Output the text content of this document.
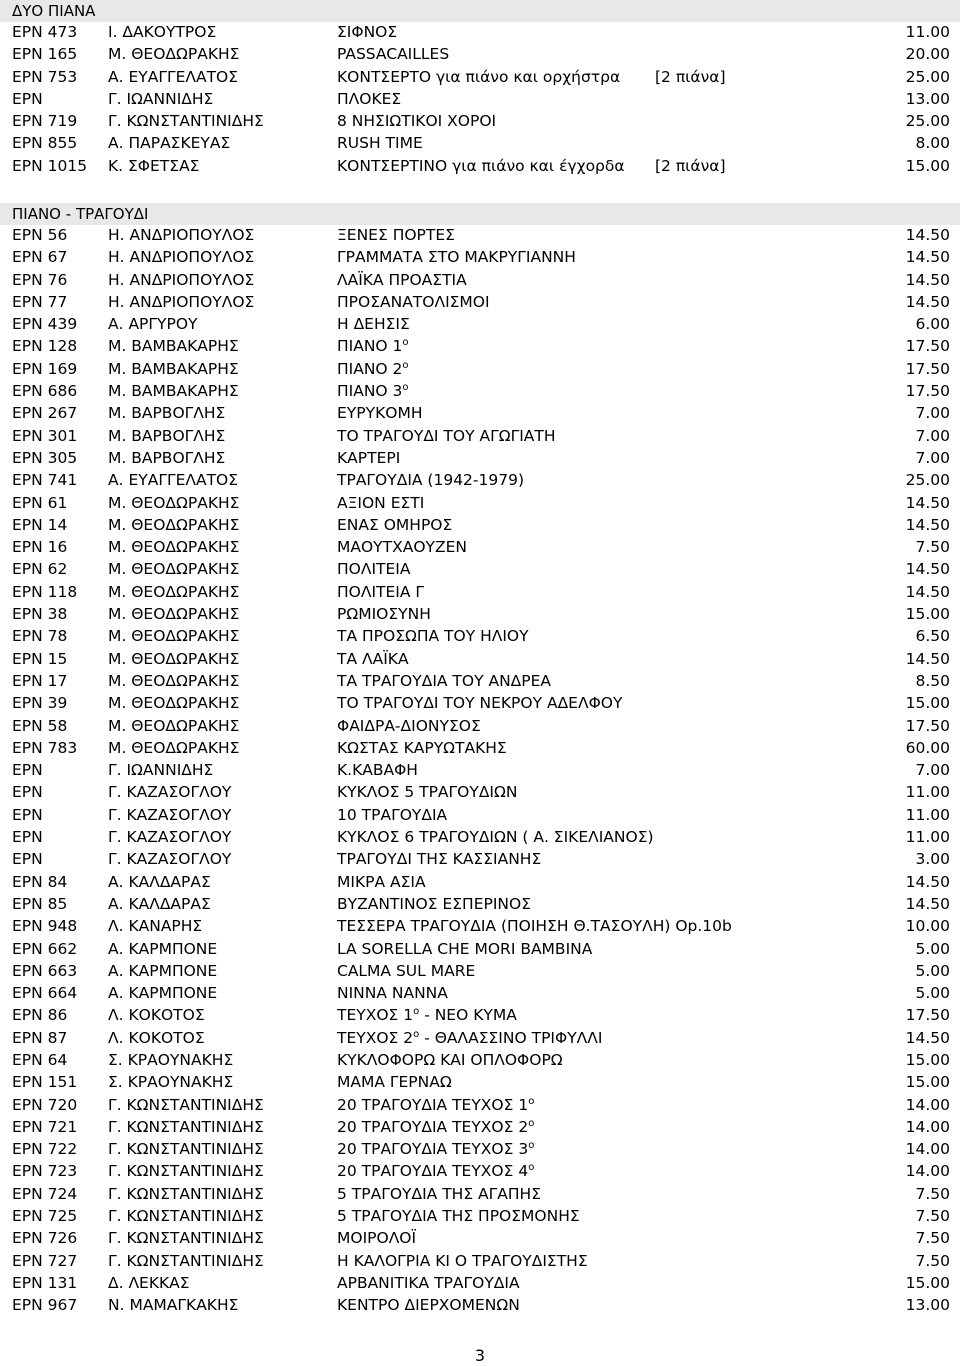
ΔΥΟ ΠΙΑΝΑ
ΕΡΝ 473 Ι. ΔΑΚΟΥΤΡΟΣ	ΣΙΦΝΟΣ	11.00
ΕΡΝ 165 Μ. ΘΕΟΔΩΡΑΚΗΣ	PASSACAILLES	20.00
ΕΡΝ 753 Α. ΕΥΑΓΓΕΛΑΤΟΣ	ΚΟΝΤΣΕΡΤΟ για πιάνο και ορχήστρα [2 πιάνα]	25.00
ΕΡΝ	Γ. ΙΩΑΝΝΙΔΗΣ	ΠΛΟΚΕΣ	13.00
ΕΡΝ 719 Γ. ΚΩΝΣΤΑΝΤΙΝΙΔΗΣ	8 ΝΗΣΙΩΤΙΚΟΙ ΧΟΡΟΙ	25.00
ΕΡΝ 855 Α. ΠΑΡΑΣΚΕΥΑΣ	RUSH TIME	8.00
ΕΡΝ 1015 Κ. ΣΦΕΤΣΑΣ	ΚΟΝΤΣΕΡΤΙΝΟ για πιάνο και έγχορδα [2 πιάνα]	15.00
ΠΙΑΝΟ - ΤΡΑΓΟΥΔΙ
ΕΡΝ 56	Η. ΑΝΔΡΙΟΠΟΥΛΟΣ	ΞΕΝΕΣ ΠΟΡΤΕΣ	14.50
ΕΡΝ 67	Η. ΑΝΔΡΙΟΠΟΥΛΟΣ	ΓΡΑΜΜΑΤΑ ΣΤΟ ΜΑΚΡΥΓΙΑΝΝΗ	14.50
ΕΡΝ 76	Η. ΑΝΔΡΙΟΠΟΥΛΟΣ	ΛΑΪΚΑ ΠΡΟΑΣΤΙΑ	14.50
ΕΡΝ 77	Η. ΑΝΔΡΙΟΠΟΥΛΟΣ	ΠΡΟΣΑΝΑΤΟΛΙΣΜΟΙ	14.50
ΕΡΝ 439 Α. ΑΡΓΥΡΟΥ	Η ΔΕΗΣΙΣ	6.00
ΕΡΝ 128 Μ. ΒΑΜΒΑΚΑΡΗΣ	ΠΙΑΝΟ $1^o$	17.50
ΕΡΝ 169 Μ. ΒΑΜΒΑΚΑΡΗΣ	ΠΙΑΝΟ $2^o$	17.50
ΕΡΝ 686 Μ. ΒΑΜΒΑΚΑΡΗΣ	ΠΙΑΝΟ $3^o$	17.50
ΕΡΝ 267 Μ. ΒΑΡΒΟΓΛΗΣ	ΕΥΡΥΚΟΜΗ	7.00
ΕΡΝ 301 Μ. ΒΑΡΒΟΓΛΗΣ	ΤΟ ΤΡΑΓΟΥΔΙ ΤΟΥ ΑΓΩΓΙΑΤΗ	7.00
ΕΡΝ 305 Μ. ΒΑΡΒΟΓΛΗΣ	ΚΑΡΤΕΡΙ	7.00
ΕΡΝ 741 Α. ΕΥΑΓΓΕΛΑΤΟΣ	ΤΡΑΓΟΥΔΙΑ (1942-1979)	25.00
ΕΡΝ 61	Μ. ΘΕΟΔΩΡΑΚΗΣ	ΑΞΙΟΝ ΕΣΤΙ	14.50
ΕΡΝ 14	Μ. ΘΕΟΔΩΡΑΚΗΣ	ΕΝΑΣ ΟΜΗΡΟΣ	14.50
ΕΡΝ 16	Μ. ΘΕΟΔΩΡΑΚΗΣ	ΜΑΟΥΤΧΑΟΥΖΕΝ	7.50
ΕΡΝ 62	Μ. ΘΕΟΔΩΡΑΚΗΣ	ΠΟΛΙΤΕΙΑ	14.50
ΕΡΝ 118 Μ. ΘΕΟΔΩΡΑΚΗΣ	ΠΟΛΙΤΕΙΑ Γ	14.50
ΕΡΝ 38	Μ. ΘΕΟΔΩΡΑΚΗΣ	ΡΩΜΙΟΣΥΝΗ	15.00
ΕΡΝ 78	Μ. ΘΕΟΔΩΡΑΚΗΣ	ΤΑ ΠΡΟΣΩΠΑ ΤΟΥ ΗΛΙΟΥ	6.50
ΕΡΝ 15	Μ. ΘΕΟΔΩΡΑΚΗΣ	ΤΑ ΛΑΪΚΑ	14.50
ΕΡΝ 17	Μ. ΘΕΟΔΩΡΑΚΗΣ	ΤΑ ΤΡΑΓΟΥΔΙΑ ΤΟΥ ΑΝΔΡΕΑ	8.50
ΕΡΝ 39	Μ. ΘΕΟΔΩΡΑΚΗΣ	ΤΟ ΤΡΑΓΟΥΔΙ ΤΟΥ ΝΕΚΡΟΥ ΑΔΕΛΦΟΥ	15.00
ΕΡΝ 58	Μ. ΘΕΟΔΩΡΑΚΗΣ	ΦΑΙΔΡΑ-ΔΙΟΝΥΣΟΣ	17.50
ΕΡΝ 783 Μ. ΘΕΟΔΩΡΑΚΗΣ	ΚΩΣΤΑΣ ΚΑΡΥΩΤΑΚΗΣ	60.00
ΕΡΝ	Γ. ΙΩΑΝΝΙΔΗΣ	Κ.ΚΑΒΑΦΗ	7.00
ΕΡΝ	Γ. ΚΑΖΑΣΟΓΛΟΥ	ΚΥΚΛΟΣ 5 ΤΡΑΓΟΥΔΙΩΝ	11.00
ΕΡΝ	Γ. ΚΑΖΑΣΟΓΛΟΥ	10 ΤΡΑΓΟΥΔΙΑ	11.00
ΕΡΝ	Γ. ΚΑΖΑΣΟΓΛΟΥ	ΚΥΚΛΟΣ 6 ΤΡΑΓΟΥΔΙΩΝ ( Α. ΣΙΚΕΛΙΑΝΟΣ)	11.00
ΕΡΝ	Γ. ΚΑΖΑΣΟΓΛΟΥ	ΤΡΑΓΟΥΔΙ ΤΗΣ ΚΑΣΣΙΑΝΗΣ	3.00
ΕΡΝ 84	Α. ΚΑΛΔΑΡΑΣ	ΜΙΚΡΑ ΑΣΙΑ	14.50
ΕΡΝ 85	Α. ΚΑΛΔΑΡΑΣ	ΒΥΖΑΝΤΙΝΟΣ ΕΣΠΕΡΙΝΟΣ	14.50
ΕΡΝ 948 Λ. ΚΑΝΑΡΗΣ	ΤΕΣΣΕΡΑ ΤΡΑΓΟΥΔΙΑ (ΠΟΙΗΣΗ Θ.ΤΑΣΟΥΛΗ) Op.10b	10.00
ΕΡΝ 662 Α. ΚΑΡΜΠΟΝΕ	LA SORELLA CHE MORI BAMBINA	5.00
ΕΡΝ 663 Α. ΚΑΡΜΠΟΝΕ	CALMA SUL MARE	5.00
ΕΡΝ 664 Α. ΚΑΡΜΠΟΝΕ	ΝΙΝΝΑ ΝΑΝΝΑ	5.00
ΕΡΝ 86	Λ. ΚΟΚΟΤΟΣ	ΤΕΥΧΟΣ $1^o$ - ΝΕΟ ΚΥΜΑ	17.50
ΕΡΝ 87	Λ. ΚΟΚΟΤΟΣ	ΤΕΥΧΟΣ $2^o$ - ΘΑΛΑΣΣΙΝΟ ΤΡΙΦΥΛΛΙ	14.50
ΕΡΝ 64	Σ. ΚΡΑΟΥΝΑΚΗΣ	ΚΥΚΛΟΦΟΡΩ ΚΑΙ ΟΠΛΟΦΟΡΩ	15.00
ΕΡΝ 151 Σ. ΚΡΑΟΥΝΑΚΗΣ	ΜΑΜΑ ΓΕΡΝΑΩ	15.00
ΕΡΝ 720 Γ. ΚΩΝΣΤΑΝΤΙΝΙΔΗΣ	20 ΤΡΑΓΟΥΔΙΑ ΤΕΥΧΟΣ $1^o$	14.00
ΕΡΝ 721 Γ. ΚΩΝΣΤΑΝΤΙΝΙΔΗΣ	20 ΤΡΑΓΟΥΔΙΑ ΤΕΥΧΟΣ $2^o$	14.00
ΕΡΝ 722 Γ. ΚΩΝΣΤΑΝΤΙΝΙΔΗΣ	20 ΤΡΑΓΟΥΔΙΑ ΤΕΥΧΟΣ $3^o$	14.00
ΕΡΝ 723 Γ. ΚΩΝΣΤΑΝΤΙΝΙΔΗΣ	20 ΤΡΑΓΟΥΔΙΑ ΤΕΥΧΟΣ $4^o$	14.00
ΕΡΝ 724 Γ. ΚΩΝΣΤΑΝΤΙΝΙΔΗΣ	5 ΤΡΑΓΟΥΔΙΑ ΤΗΣ ΑΓΑΠΗΣ	7.50
ΕΡΝ 725 Γ. ΚΩΝΣΤΑΝΤΙΝΙΔΗΣ	5 ΤΡΑΓΟΥΔΙΑ ΤΗΣ ΠΡΟΣΜΟΝΗΣ	7.50
ΕΡΝ 726 Γ. ΚΩΝΣΤΑΝΤΙΝΙΔΗΣ	ΜΟΙΡΟΛΟΪ	7.50
ΕΡΝ 727 Γ. ΚΩΝΣΤΑΝΤΙΝΙΔΗΣ	Η ΚΑΛΟΓΡΙΑ ΚΙ Ο ΤΡΑΓΟΥΔΙΣΤΗΣ	7.50
ΕΡΝ 131 Δ. ΛΕΚΚΑΣ	ΑΡΒΑΝΙΤΙΚΑ ΤΡΑΓΟΥΔΙΑ	15.00
ΕΡΝ 967 Ν. ΜΑΜΑΓΚΑΚΗΣ	ΚΕΝΤΡΟ ΔΙΕΡΧΟΜΕΝΩΝ	13.00
3
